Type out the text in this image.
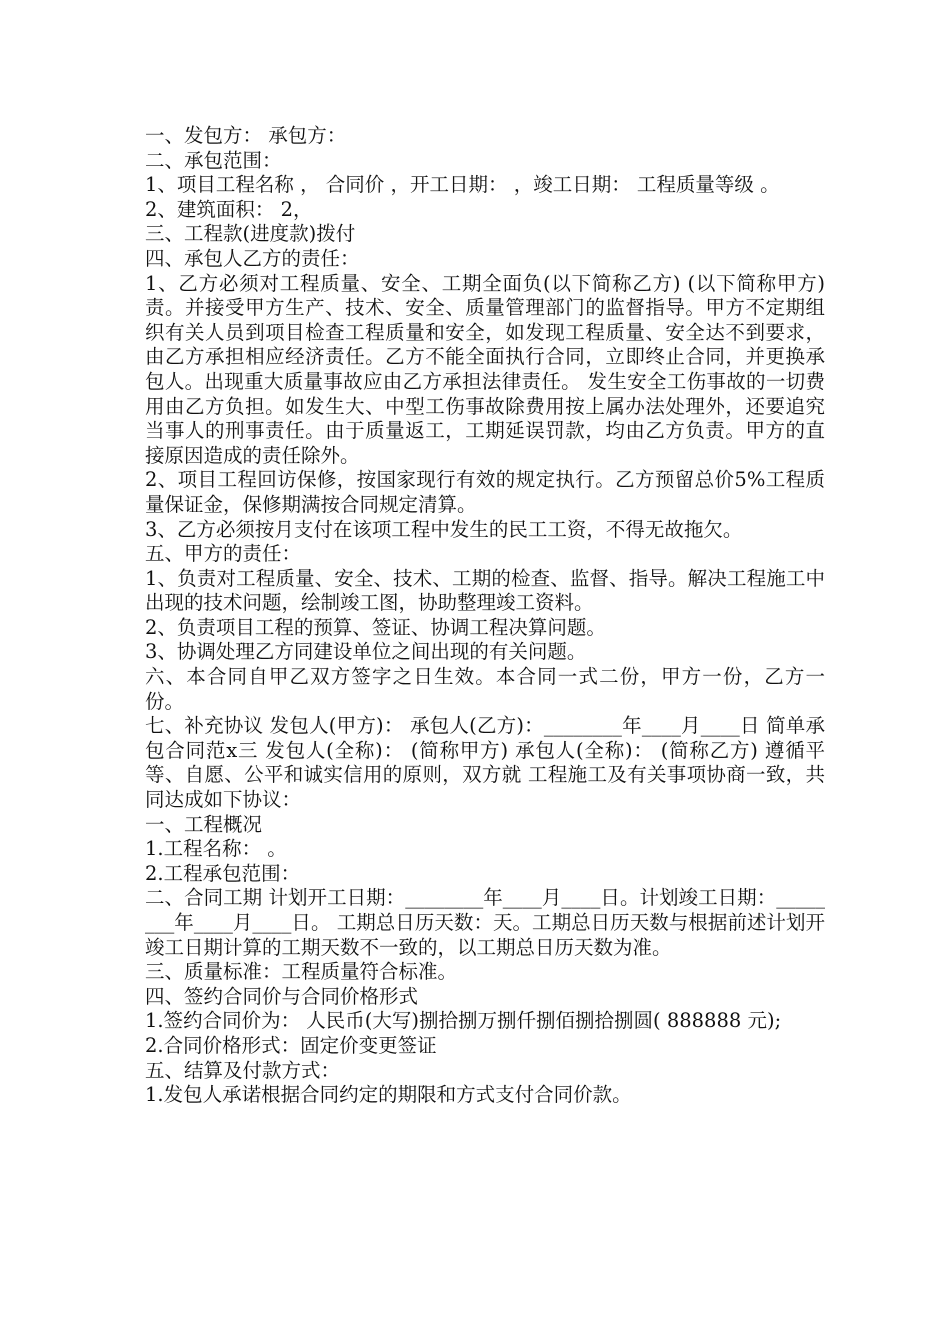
一、发包方： 承包方：

二、承包范围：

1、项目工程名称 ， 合同价 ，开工日期： ，竣工日期： 工程质量等级 。

2、建筑面积： 2，

三、工程款(进度款)拨付

四、承包人乙方的责任：

1、乙方必须对工程质量、安全、工期全面负(以下简称乙方) (以下简称甲方) 责。并接受甲方生产、技术、安全、质量管理部门的监督指导。甲方不定期组织有关人员到项目检查工程质量和安全，如发现工程质量、安全达不到要求，由乙方承担相应经济责任。乙方不能全面执行合同，立即终止合同，并更换承包人。出现重大质量事故应由乙方承担法律责任。 发生安全工伤事故的一切费用由乙方负担。如发生大、中型工伤事故除费用按上属办法处理外，还要追究当事人的刑事责任。由于质量返工，工期延误罚款，均由乙方负责。甲方的直接原因造成的责任除外。

2、项目工程回访保修，按国家现行有效的规定执行。乙方预留总价5%工程质量保证金，保修期满按合同规定清算。

3、乙方必须按月支付在该项工程中发生的民工工资，不得无故拖欠。

五、甲方的责任：

1、负责对工程质量、安全、技术、工期的检查、监督、指导。解决工程施工中出现的技术问题，绘制竣工图，协助整理竣工资料。

2、负责项目工程的预算、签证、协调工程决算问题。

3、协调处理乙方同建设单位之间出现的有关问题。

六、本合同自甲乙双方签字之日生效。本合同一式二份，甲方一份，乙方一份。

七、补充协议 发包人(甲方)： 承包人(乙方)：________年____月____日 简单承包合同范ⅹ三 发包人(全称)： (简称甲方) 承包人(全称)： (简称乙方) 遵循平等、自愿、公平和诚实信用的原则，双方就 工程施工及有关事项协商一致，共同达成如下协议：

一、工程概况

1.工程名称： 。

2.工程承包范围：

二、合同工期 计划开工日期：________年____月____日。计划竣工日期：________年____月____日。 工期总日历天数：天。工期总日历天数与根据前述计划开竣工日期计算的工期天数不一致的，以工期总日历天数为准。

三、质量标准：工程质量符合标准。

四、签约合同价与合同价格形式

1.签约合同价为： 人民币(大写)捌拾捌万捌仟捌佰捌拾捌圆( 888888 元);

2.合同价格形式：固定价变更签证

五、结算及付款方式：

1.发包人承诺根据合同约定的期限和方式支付合同价款。
